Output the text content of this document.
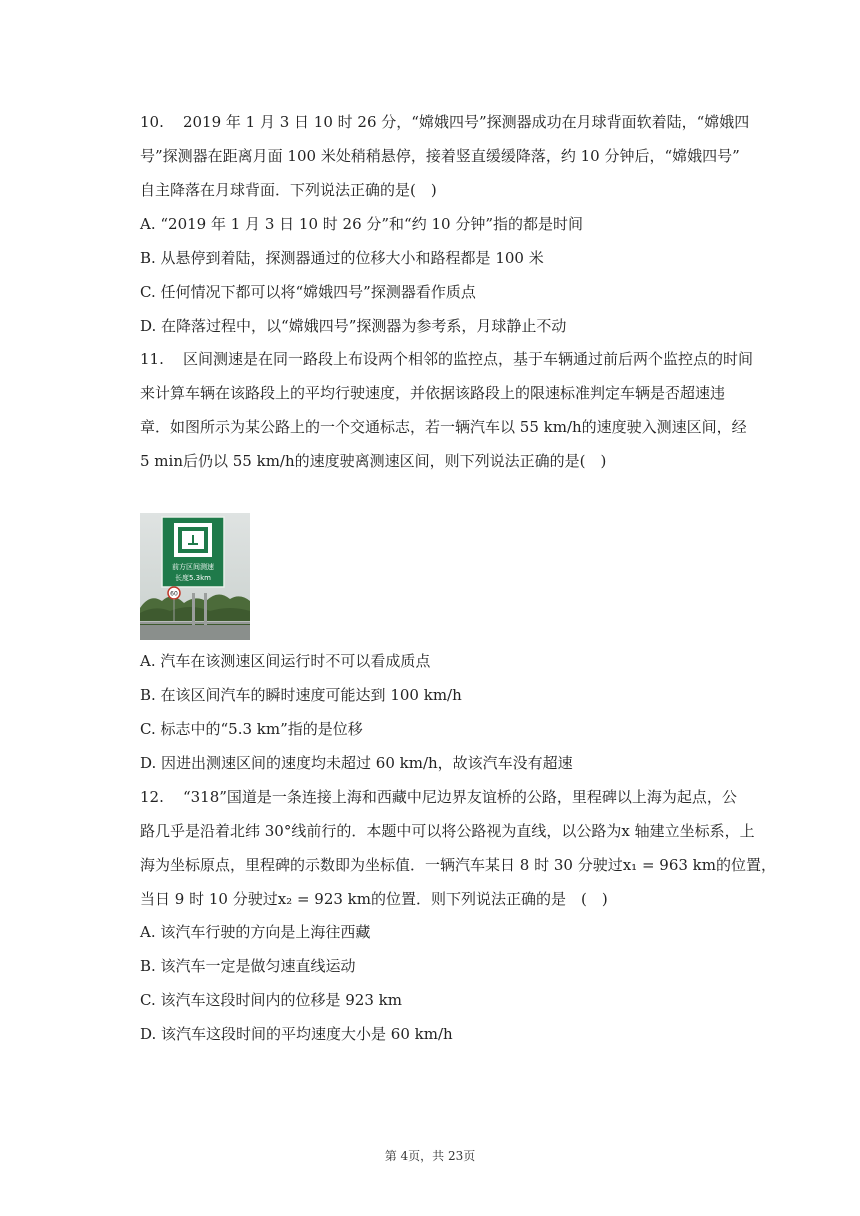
10. 2019 年 1 月 3 日 10 时 26 分，“嫦娥四号”探测器成功在月球背面软着陆，“嫦娥四
号”探测器在距离月面 100 米处稍稍悬停，接着竖直缓缓降落，约 10 分钟后，“嫦娥四号”
自主降落在月球背面．下列说法正确的是(　)
A. “2019 年 1 月 3 日 10 时 26 分”和“约 10 分钟”指的都是时间
B. 从悬停到着陆，探测器通过的位移大小和路程都是 100 米
C. 任何情况下都可以将“嫦娥四号”探测器看作质点
D. 在降落过程中，以“嫦娥四号”探测器为参考系，月球静止不动
11. 区间测速是在同一路段上布设两个相邻的监控点，基于车辆通过前后两个监控点的时间
来计算车辆在该路段上的平均行驶速度，并依据该路段上的限速标准判定车辆是否超速违
章．如图所示为某公路上的一个交通标志，若一辆汽车以 55 km/h的速度驶入测速区间，经
5 min后仍以 55 km/h的速度驶离测速区间，则下列说法正确的是(　)
前方区间测速
长度5.3km
60
A. 汽车在该测速区间运行时不可以看成质点
B. 在该区间汽车的瞬时速度可能达到 100 km/h
C. 标志中的“5.3 km”指的是位移
D. 因进出测速区间的速度均未超过 60 km/h，故该汽车没有超速
12. “318”国道是一条连接上海和西藏中尼边界友谊桥的公路，里程碑以上海为起点，公
路几乎是沿着北纬 30°线前行的．本题中可以将公路视为直线，以公路为x 轴建立坐标系，上
海为坐标原点，里程碑的示数即为坐标值．一辆汽车某日 8 时 30 分驶过x₁ = 963 km的位置，
当日 9 时 10 分驶过x₂ = 923 km的位置．则下列说法正确的是　(　)
A. 该汽车行驶的方向是上海往西藏
B. 该汽车一定是做匀速直线运动
C. 该汽车这段时间内的位移是 923 km
D. 该汽车这段时间的平均速度大小是 60 km/h
第 4页，共 23页
